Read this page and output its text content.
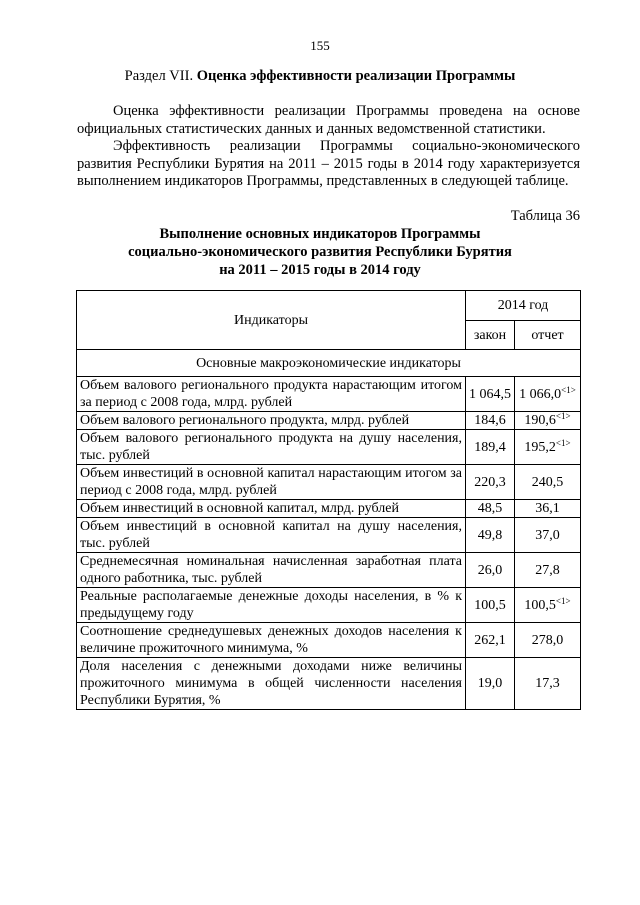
155
Раздел VII. Оценка эффективности реализации Программы

Оценка эффективности реализации Программы проведена на основе официальных статистических данных и данных ведомственной статистики.

Эффективность реализации Программы социально-экономического развития Республики Бурятия на 2011 – 2015 годы в 2014 году характеризуется выполнением индикаторов Программы, представленных в следующей таблице.

Таблица 36
Выполнение основных индикаторов Программы
социально-экономического развития Республики Бурятия
на 2011 – 2015 годы в 2014 году
Индикаторы	2014 год	
	закон	отчет
Основные макроэкономические индикаторы		
Объем валового регионального продукта нарастающим итогом за период с 2008 года, млрд. рублей	1 064,5	1 066,0$^{<1>}$
Объем валового регионального продукта, млрд. рублей	184,6	190,6$^{<1>}$
Объем валового регионального продукта на душу населения, тыс. рублей	189,4	195,2$^{<1>}$
Объем инвестиций в основной капитал нарастающим итогом за период с 2008 года, млрд. рублей	220,3	240,5
Объем инвестиций в основной капитал, млрд. рублей	48,5	36,1
Объем инвестиций в основной капитал на душу населения, тыс. рублей	49,8	37,0
Среднемесячная номинальная начисленная заработная плата одного работника, тыс. рублей	26,0	27,8
Реальные располагаемые денежные доходы населения, в % к предыдущему году	100,5	100,5$^{<1>}$
Соотношение среднедушевых денежных доходов населения к величине прожиточного минимума, %	262,1	278,0
Доля населения с денежными доходами ниже величины прожиточного минимума в общей численности населения Республики Бурятия, %	19,0	17,3
